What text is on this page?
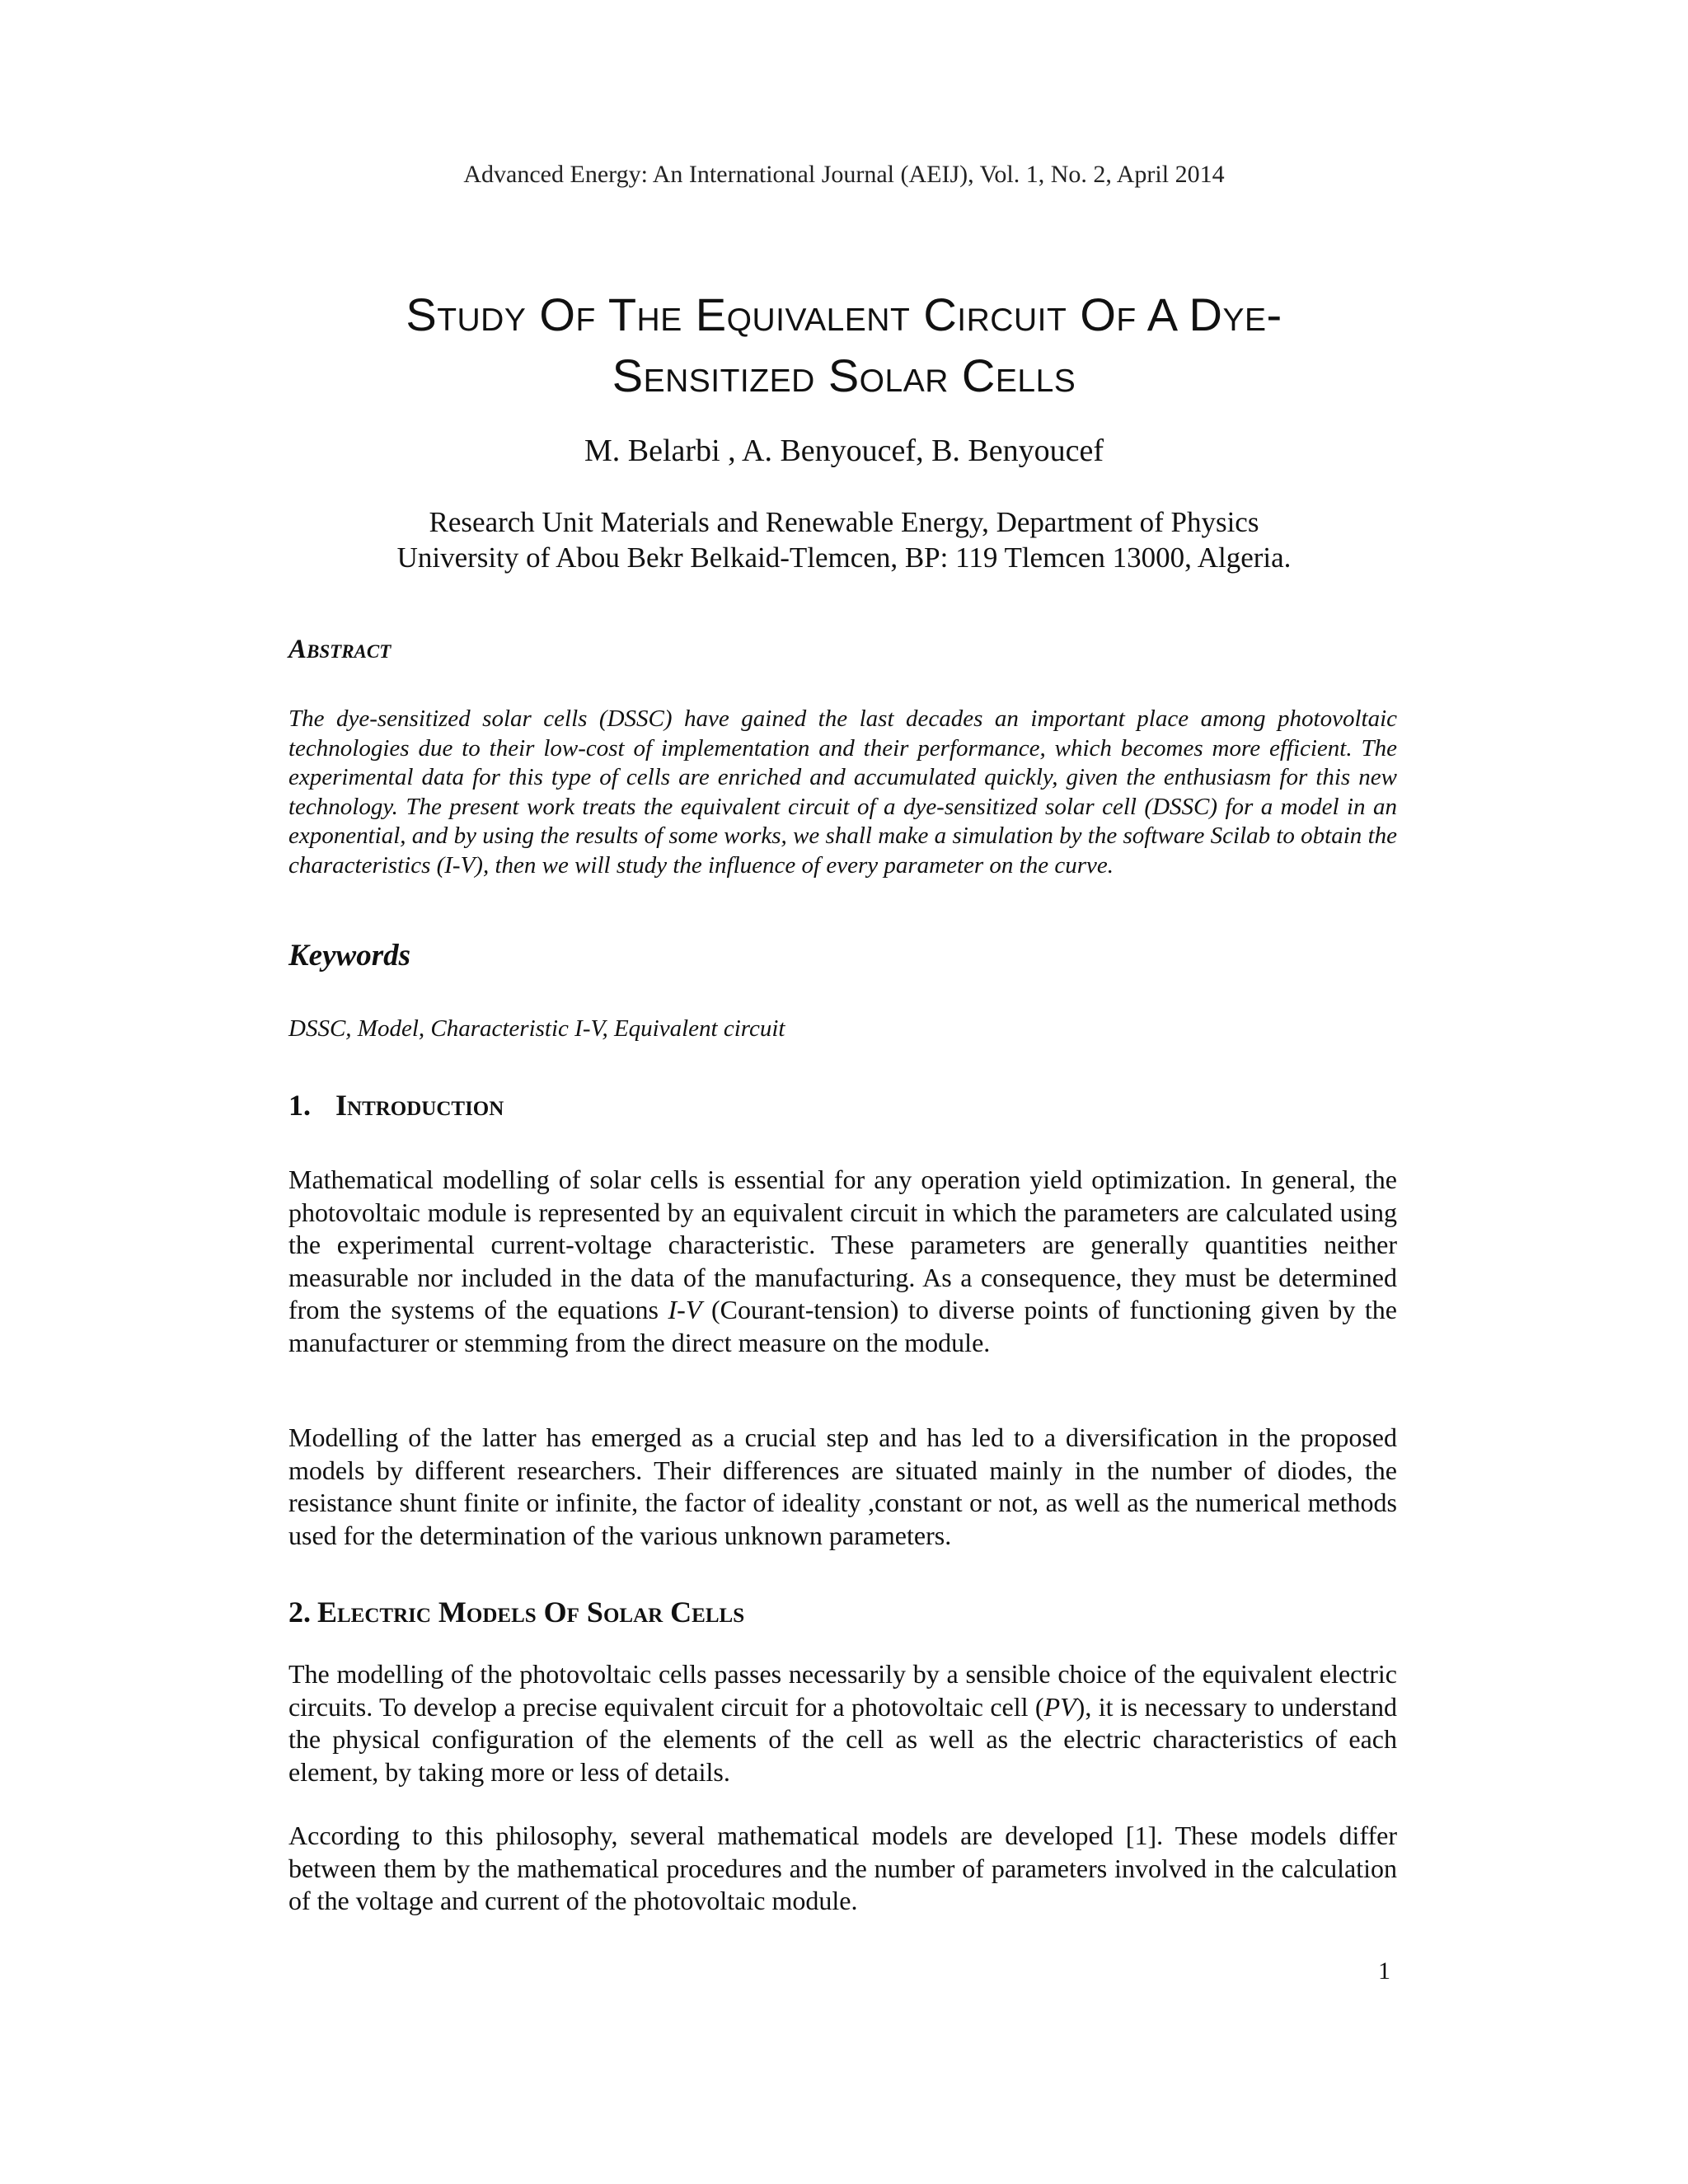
Advanced Energy: An International Journal (AEIJ), Vol. 1, No. 2, April 2014
Study Of The Equivalent Circuit Of A Dye-
Sensitized Solar Cells
M. Belarbi , A. Benyoucef, B. Benyoucef
Research Unit Materials and Renewable Energy, Department of Physics
University of Abou Bekr Belkaid-Tlemcen, BP: 119 Tlemcen 13000, Algeria.
Abstract
The dye-sensitized solar cells (DSSC) have gained the last decades an important place among photovoltaic technologies due to their low-cost of implementation and their performance, which becomes more efficient. The experimental data for this type of cells are enriched and accumulated quickly, given the enthusiasm for this new technology. The present work treats the equivalent circuit of a dye-sensitized solar cell (DSSC) for a model in an exponential, and by using the results of some works, we shall make a simulation by the software Scilab to obtain the characteristics (I-V), then we will study the influence of every parameter on the curve.
Keywords
DSSC, Model, Characteristic I-V, Equivalent circuit
1. Introduction
Mathematical modelling of solar cells is essential for any operation yield optimization. In general, the photovoltaic module is represented by an equivalent circuit in which the parameters are calculated using the experimental current-voltage characteristic. These parameters are generally quantities neither measurable nor included in the data of the manufacturing. As a consequence, they must be determined from the systems of the equations I-V (Courant-tension) to diverse points of functioning given by the manufacturer or stemming from the direct measure on the module.
Modelling of the latter has emerged as a crucial step and has led to a diversification in the proposed models by different researchers. Their differences are situated mainly in the number of diodes, the resistance shunt finite or infinite, the factor of ideality ,constant or not, as well as the numerical methods used for the determination of the various unknown parameters.
2. Electric Models Of Solar Cells
The modelling of the photovoltaic cells passes necessarily by a sensible choice of the equivalent electric circuits. To develop a precise equivalent circuit for a photovoltaic cell (PV), it is necessary to understand the physical configuration of the elements of the cell as well as the electric characteristics of each element, by taking more or less of details.
According to this philosophy, several mathematical models are developed [1]. These models differ between them by the mathematical procedures and the number of parameters involved in the calculation of the voltage and current of the photovoltaic module.
1
